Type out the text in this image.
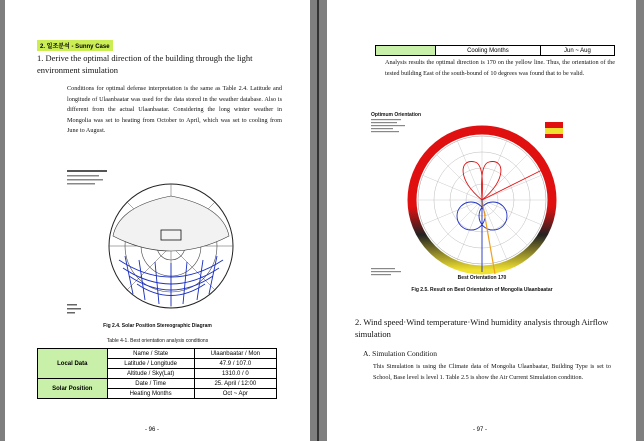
2. 일조분석 - Sunny Case
1. Derive the optimal direction of the building through the light environment simulation
Conditions for optimal defense interpretation is the same as Table 2.4. Latitude and longitude of Ulaanbaatar was used for the data stored in the weather database. Also is different from the actual Ulaanbaatar. Considering the long winter weather in Mongolia was set to heating from October to April, which was set to cooling from June to August.
Fig 2.4. Solar Position Stereographic Diagram
Table 4-1. Best orientation analysis conditions
Local Data	Name / State	Ulaanbaatar / Mon
	Latitude / Longitude	47.9 / 107.0
	Altitude / Sky(Lat)	1310.0 / 0
Solar Position	Date / Time	25. April / 12:00
	Heating Months	Oct ~ Apr
- 96 -
	Cooling Months	Jun ~ Aug
Analysis results the optimal direction is 170 on the yellow line. Thus, the orientation of the tested building East of the south-bound of 10 degrees was found that to be valid.
Optimum Orientation
Best Orientation 170
Fig 2.5. Result on Best Orientation of Mongolia Ulaanbaatar
2. Wind speed·Wind temperature·Wind humidity analysis through Airflow simulation
A. Simulation Condition
This Simulation is using the Climate data of Mongolia Ulaanbaatar, Building Type is set to School, Base level is level 1. Table 2.5 is show the Air Current Simulation condition.
- 97 -
